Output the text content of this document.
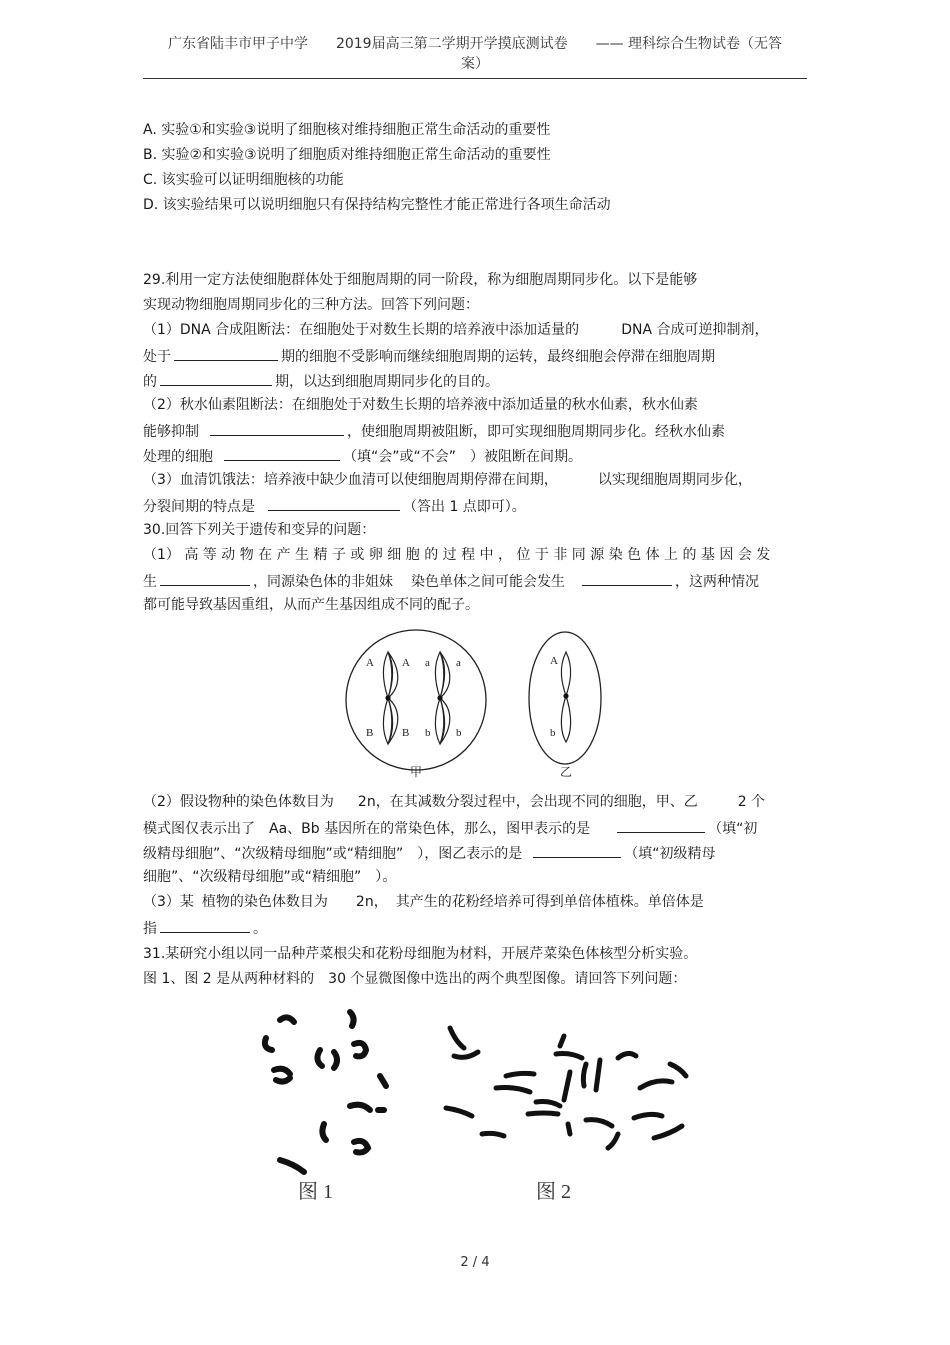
广东省陆丰市甲子中学　　2019届高三第二学期开学摸底测试卷　　—— 理科综合生物试卷（无答
案）
A. 实验①和实验③说明了细胞核对维持细胞正常生命活动的重要性
B. 实验②和实验③说明了细胞质对维持细胞正常生命活动的重要性
C. 该实验可以证明细胞核的功能
D. 该实验结果可以说明细胞只有保持结构完整性才能正常进行各项生命活动
29.利用一定方法使细胞群体处于细胞周期的同一阶段，称为细胞周期同步化。以下是能够
实现动物细胞周期同步化的三种方法。回答下列问题：
（1）DNA 合成阻断法：在细胞处于对数生长期的培养液中添加适量的	DNA 合成可逆抑制剂，
处于	期的细胞不受影响而继续细胞周期的运转，最终细胞会停滞在细胞周期
的	期，以达到细胞周期同步化的目的。
（2）秋水仙素阻断法：在细胞处于对数生长期的培养液中添加适量的秋水仙素，秋水仙素
能够抑制	，使细胞周期被阻断，即可实现细胞周期同步化。经秋水仙素
处理的细胞	（填“会”或“不会”　）被阻断在间期。
（3）血清饥饿法：培养液中缺少血清可以使细胞周期停滞在间期，	以实现细胞周期同步化，
分裂间期的特点是	（答出 1 点即可）。
30.回答下列关于遗传和变异的问题：
（1） 高 等 动 物 在 产 生 精 子 或 卵 细 胞 的 过 程 中 ， 位 于 非 同 源 染 色 体 上 的 基 因 会 发
生	，同源染色体的非姐妹 染色单体之间可能会发生	，这两种情况
都可能导致基因重组，从而产生基因组成不同的配子。
A	A
B	B
a a
b b
A
b
甲	乙
（2）假设物种的染色体数目为 2n，在其减数分裂过程中，会出现不同的细胞，甲、乙	2 个
模式图仅表示出了 Aa、Bb 基因所在的常染色体，那么，图甲表示的是	（填“初
级精母细胞”、“次级精母细胞”或“精细胞”　），图乙表示的是	（填“初级精母
细胞”、“次级精母细胞”或“精细胞”　）。
（3）某 植物的染色体数目为 2n， 其产生的花粉经培养可得到单倍体植株。单倍体是
指	。
31.某研究小组以同一品种芹菜根尖和花粉母细胞为材料，开展芹菜染色体核型分析实验。
图 1、图 2 是从两种材料的　30 个显微图像中选出的两个典型图像。请回答下列问题：
图 1	图 2
2 / 4
